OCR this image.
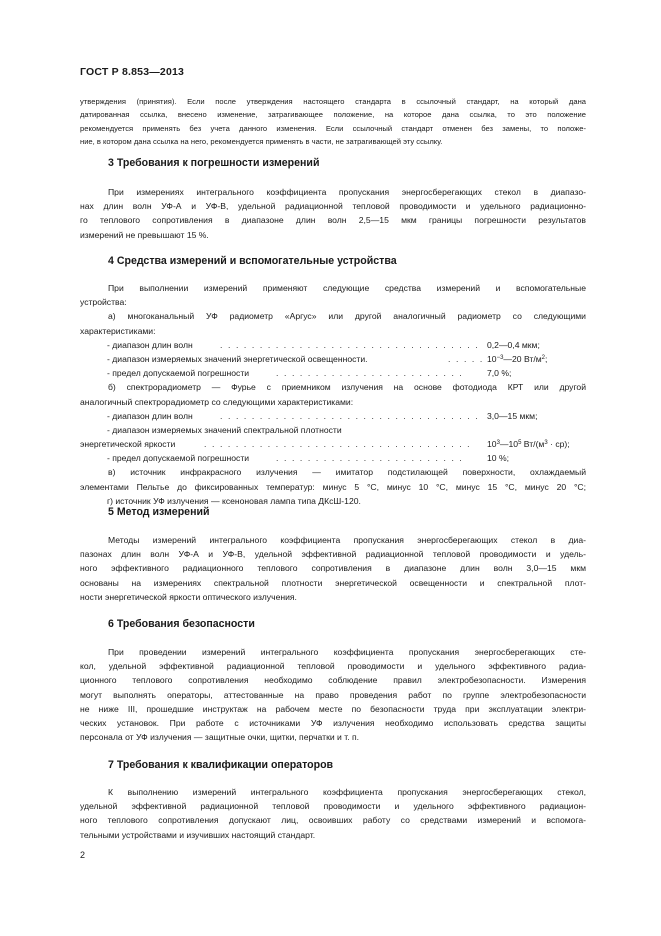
ГОСТ Р 8.853—2013
утверждения (принятия). Если после утверждения настоящего стандарта в ссылочный стандарт, на который дана
датированная ссылка, внесено изменение, затрагивающее положение, на которое дана ссылка, то это положение
рекомендуется применять без учета данного изменения. Если ссылочный стандарт отменен без замены, то положе-
ние, в котором дана ссылка на него, рекомендуется применять в части, не затрагивающей эту ссылку.
3 Требования к погрешности измерений
При измерениях интегрального коэффициента пропускания энергосберегающих стекол в диапазо-
нах длин волн УФ-А и УФ-В, удельной радиационной тепловой проводимости и удельного радиационно-
го теплового сопротивления в диапазоне длин волн 2,5—15 мкм границы погрешности результатов
измерений не превышают 15 %.
4 Средства измерений и вспомогательные устройства
При выполнении измерений применяют следующие средства измерений и вспомогательные
устройства:
а) многоканальный УФ радиометр «Аргус» или другой аналогичный радиометр со следующими
характеристиками:
- диапазон длин волн	. . . . . . . . . . . . . . . . . . . . . . . . . . . . . . . . . 0,2—0,4 мкм;
- диапазон измеряемых значений энергетической освещенности.	. . . . . $10^{-3}—20$ $Вт/м^2$;
- предел допускаемой погрешности	. . . . . . . . . . . . . . . . . . . . . . . .	7,0 %;
б) спектрорадиометр — Фурье с приемником излучения на основе фотодиода КРТ или другой
аналогичный спектрорадиометр со следующими характеристиками:
- диапазон длин волн	. . . . . . . . . . . . . . . . . . . . . . . . . . . . . . . . . 3,0—15 мкм;
- диапазон измеряемых значений спектральной плотности
энергетической яркости	. . . . . . . . . . . . . . . . . . . . . . . . . . . . . . . . . . $10^3—10^5$ $Вт/(м^3 \cdot ср)$;
- предел допускаемой погрешности	. . . . . . . . . . . . . . . . . . . . . . . .	10 %;
в) источник инфракрасного излучения — имитатор подстилающей поверхности, охлаждаемый
элементами Пельтье до фиксированных температур: минус 5 °С, минус 10 °С, минус 15 °С, минус 20 °С;
г) источник УФ излучения — ксеноновая лампа типа ДКсШ-120.
5 Метод измерений
Методы измерений интегрального коэффициента пропускания энергосберегающих стекол в диа-
пазонах длин волн УФ-А и УФ-В, удельной эффективной радиационной тепловой проводимости и удель-
ного эффективного радиационного теплового сопротивления в диапазоне длин волн 3,0—15 мкм
основаны на измерениях спектральной плотности энергетической освещенности и спектральной плот-
ности энергетической яркости оптического излучения.
6 Требования безопасности
При проведении измерений интегрального коэффициента пропускания энергосберегающих сте-
кол, удельной эффективной радиационной тепловой проводимости и удельного эффективного радиа-
ционного теплового сопротивления необходимо соблюдение правил электробезопасности. Измерения
могут выполнять операторы, аттестованные на право проведения работ по группе электробезопасности
не ниже III, прошедшие инструктаж на рабочем месте по безопасности труда при эксплуатации электри-
ческих установок. При работе с источниками УФ излучения необходимо использовать средства защиты
персонала от УФ излучения — защитные очки, щитки, перчатки и т. п.
7 Требования к квалификации операторов
К выполнению измерений интегрального коэффициента пропускания энергосберегающих стекол,
удельной эффективной радиационной тепловой проводимости и удельного эффективного радиацион-
ного теплового сопротивления допускают лиц, освоивших работу со средствами измерений и вспомога-
тельными устройствами и изучивших настоящий стандарт.
2
